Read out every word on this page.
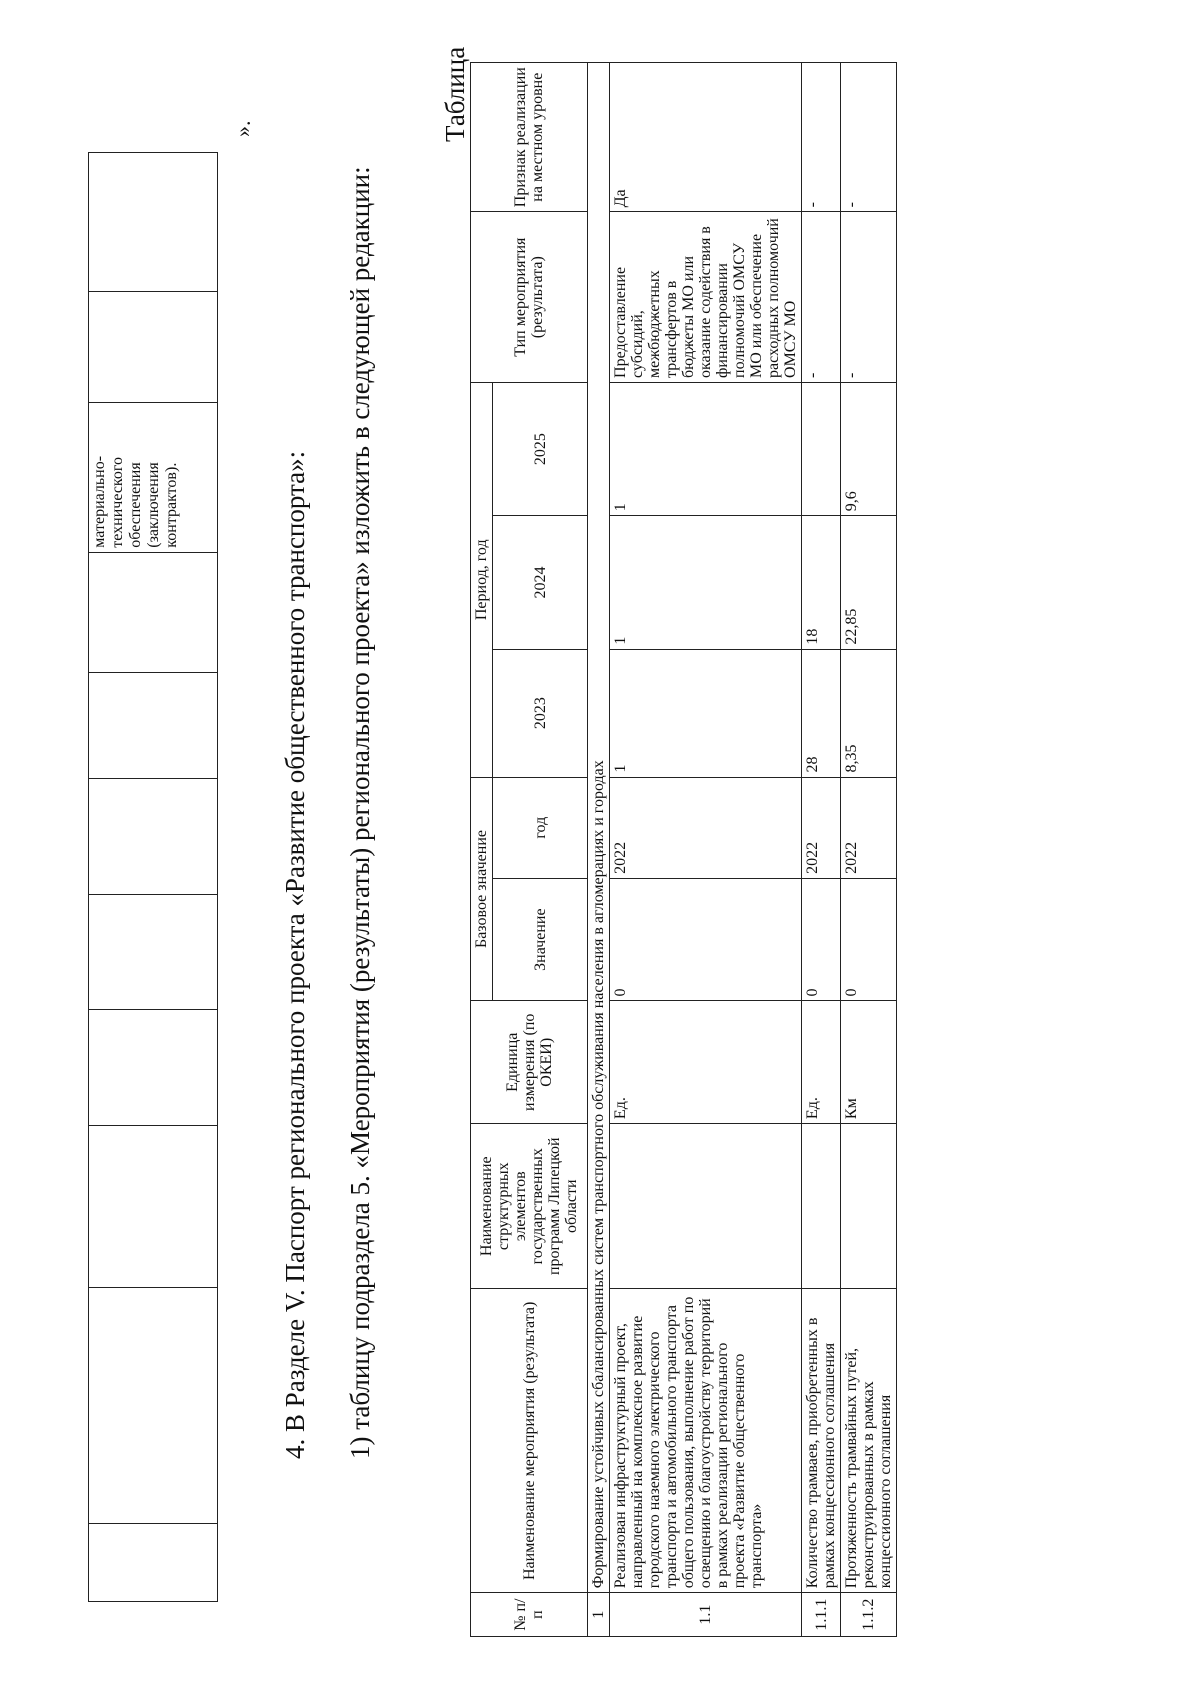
								материально-технического обеспечения (заключения контрактов).		
».
4. В Разделе V. Паспорт регионального проекта «Развитие общественного транспорта»: 1) таблицу подраздела 5. «Мероприятия (результаты) регионального проекта» изложить в следующей редакции:
Таблица
№ п/п	Наименование мероприятия (результата)	Наименование структурных элементов государственных программ Липецкой области	Единица измерения (по ОКЕИ)	Базовое значение		Период, год			Тип мероприятия (результата)	Признак реализации на местном уровне
				Значение	год	2023	2024	2025		
1	Формирование устойчивых сбалансированных систем транспортного обслуживания населения в агломерациях и городах									
1.1	Реализован инфраструктурный проект, направленный на комплексное развитие городского наземного электрического транспорта и автомобильного транспорта общего пользования, выполнение работ по освещению и благоустройству территорий в рамках реализации регионального проекта «Развитие общественного транспорта»		Ед.	0	2022	1	1	1	Предоставление субсидий, межбюджетных трансфертов в бюджеты МО или оказание содействия в финансировании полномочий ОМСУ МО или обеспечение расходных полномочий ОМСУ МО	Да
1.1.1	Количество трамваев, приобретенных в рамках концессионного соглашения		Ед.	0	2022	28	18		-	-
1.1.2	Протяженность трамвайных путей, реконструированных в рамках концессионного соглашения		Км	0	2022	8,35	22,85	9,6	-	-
